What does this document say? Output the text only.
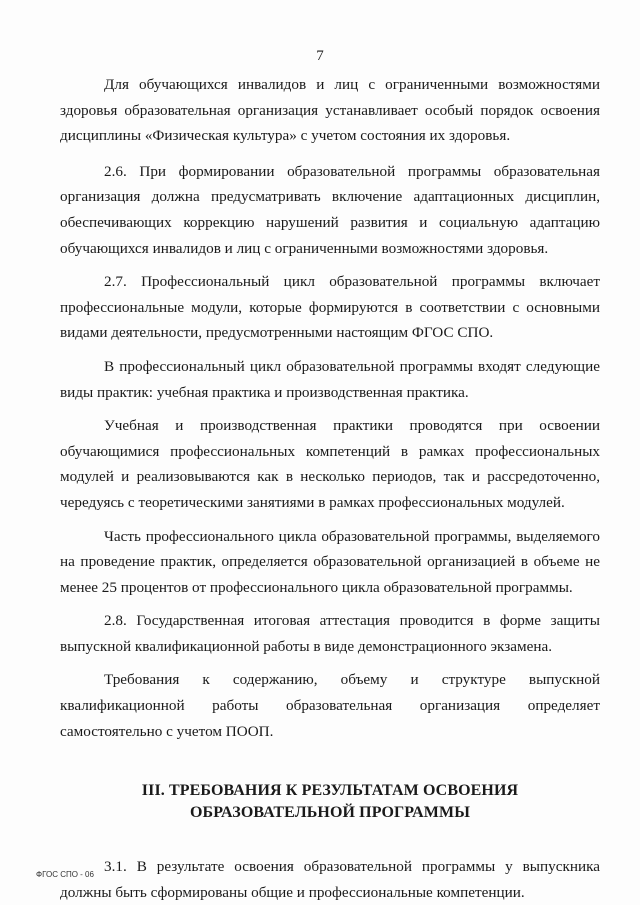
7

Для обучающихся инвалидов и лиц с ограниченными возможностями здоровья образовательная организация устанавливает особый порядок освоения дисциплины «Физическая культура» с учетом состояния их здоровья.

2.6. При формировании образовательной программы образовательная организация должна предусматривать включение адаптационных дисциплин, обеспечивающих коррекцию нарушений развития и социальную адаптацию обучающихся инвалидов и лиц с ограниченными возможностями здоровья.

2.7. Профессиональный цикл образовательной программы включает профессиональные модули, которые формируются в соответствии с основными видами деятельности, предусмотренными настоящим ФГОС СПО.

В профессиональный цикл образовательной программы входят следующие виды практик: учебная практика и производственная практика.

Учебная и производственная практики проводятся при освоении обучающимися профессиональных компетенций в рамках профессиональных модулей и реализовываются как в несколько периодов, так и рассредоточенно, чередуясь с теоретическими занятиями в рамках профессиональных модулей.

Часть профессионального цикла образовательной программы, выделяемого на проведение практик, определяется образовательной организацией в объеме не менее 25 процентов от профессионального цикла образовательной программы.

2.8. Государственная итоговая аттестация проводится в форме защиты выпускной квалификационной работы в виде демонстрационного экзамена.

Требования к содержанию, объему и структуре выпускной квалификационной работы образовательная организация определяет самостоятельно с учетом ПООП.

III. ТРЕБОВАНИЯ К РЕЗУЛЬТАТАМ ОСВОЕНИЯ ОБРАЗОВАТЕЛЬНОЙ ПРОГРАММЫ

3.1. В результате освоения образовательной программы у выпускника должны быть сформированы общие и профессиональные компетенции.

ФГОС СПО - 06
